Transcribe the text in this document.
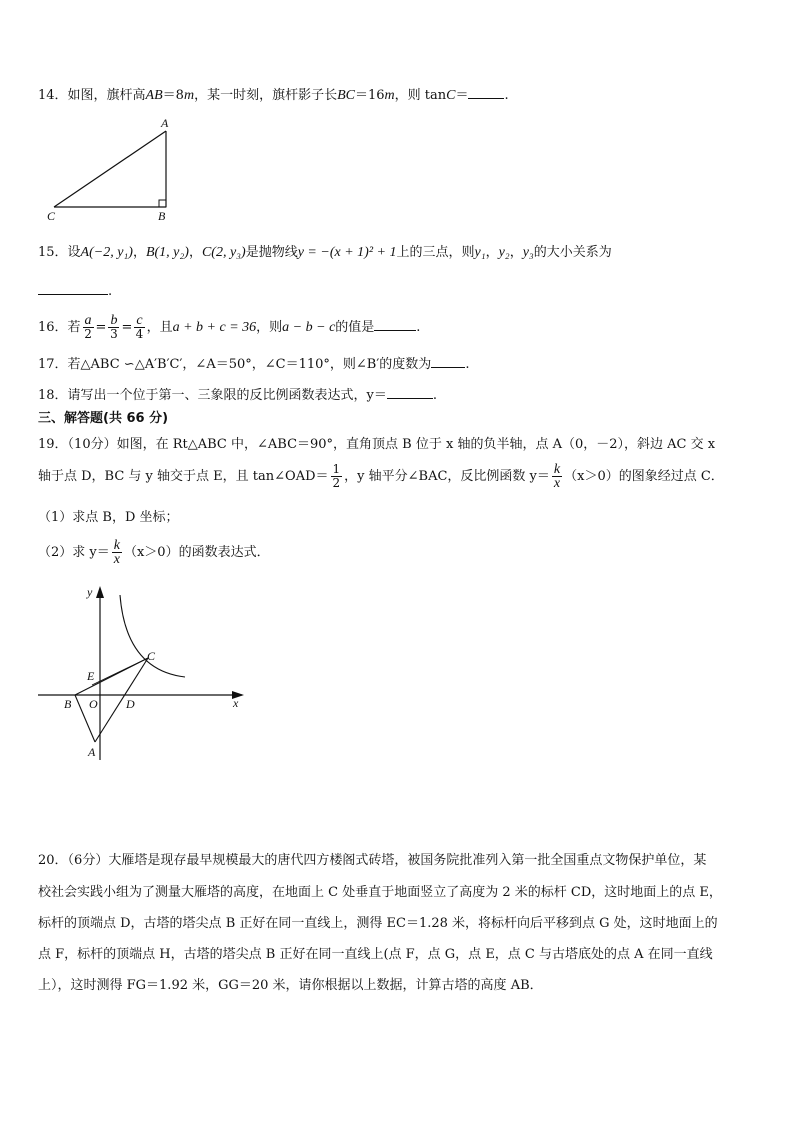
14．如图，旗杆高AB＝8m，某一时刻，旗杆影子长BC＝16m，则 tanC＝	.
A
B
C
15．设A(−2, y₁)，B(1, y₂)，C(2, y₃)是抛物线y = −(x + 1)² + 1上的三点，则y₁，y₂，y₃的大小关系为
.
16．若 $\frac{a}{2} = \frac{b}{3} = \frac{c}{4}$ ，且a + b + c = 36，则a − b − c的值是	.
17．若△ABC ∽△A′B′C′，∠A＝50°，∠C＝110°，则∠B′的度数为	.
18．请写出一个位于第一、三象限的反比例函数表达式，y＝	.
三、解答题(共 66 分)
19．（10分）如图，在 Rt△ABC 中，∠ABC＝90°，直角顶点 B 位于 x 轴的负半轴，点 A（0，－2），斜边 AC 交 x
轴于点 D，BC 与 y 轴交于点 E，且 tan∠OAD＝ $\frac{1}{2}$ ，y 轴平分∠BAC，反比例函数 $y= \frac{k}{x} (x>0)$的图象经过点 C．
（1）求点 B，D 坐标；
（2）求 $y= \frac{k}{x} (x>0)$的函数表达式．
y
x
C
E
B O D
A
20．（6分）大雁塔是现存最早规模最大的唐代四方楼阁式砖塔，被国务院批准列入第一批全国重点文物保护单位，某
校社会实践小组为了测量大雁塔的高度，在地面上 C 处垂直于地面竖立了高度为 2 米的标杆 CD，这时地面上的点 E，
标杆的顶端点 D，古塔的塔尖点 B 正好在同一直线上，测得 EC＝1.28 米，将标杆向后平移到点 G 处，这时地面上的
点 F，标杆的顶端点 H，古塔的塔尖点 B 正好在同一直线上(点 F，点 G，点 E，点 C 与古塔底处的点 A 在同一直线
上），这时测得 FG＝1.92 米，GG＝20 米，请你根据以上数据，计算古塔的高度 AB．
